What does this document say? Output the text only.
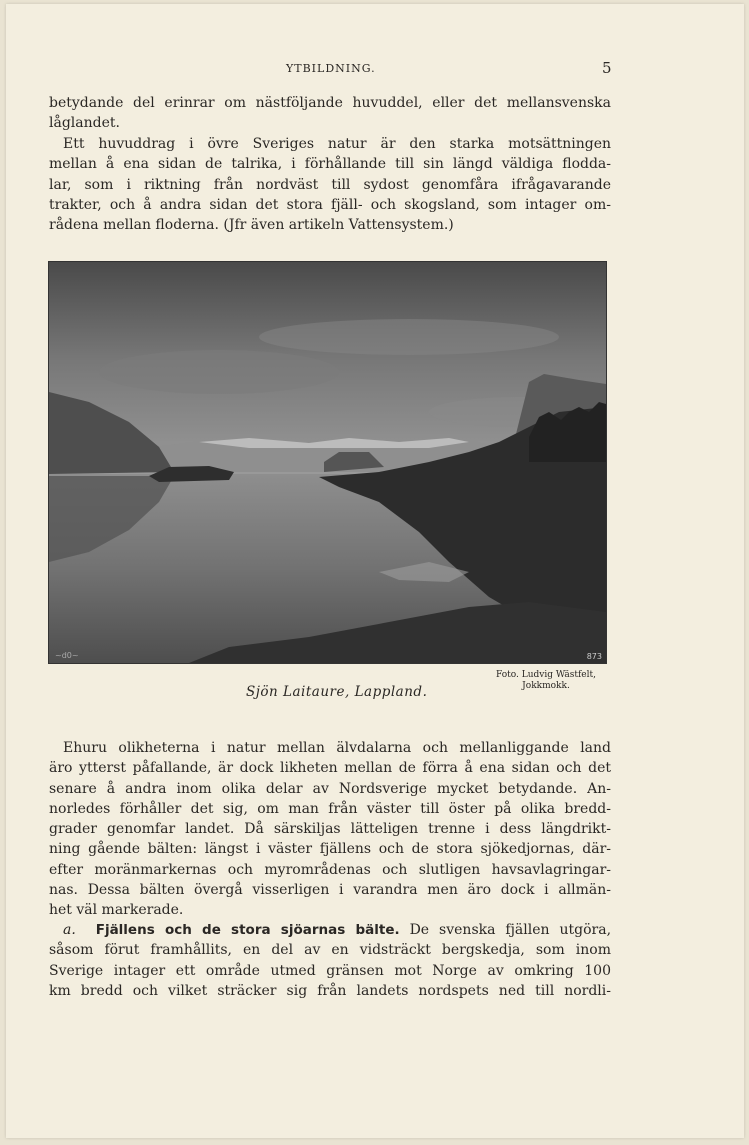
YTBILDNING.	5
betydande del erinrar om nästföljande huvuddel, eller det mellansvenska
låglandet.
Ett huvuddrag i övre Sveriges natur är den starka motsättningen
mellan å ena sidan de talrika, i förhållande till sin längd väldiga flodda-
lar, som i riktning från nordväst till sydost genomfåra ifrågavarande
trakter, och å andra sidan det stora fjäll- och skogsland, som intager om-
rådena mellan floderna. (Jfr även artikeln Vattensystem.)
~d0~	873
Sjön Laitaure, Lappland.
Foto. Ludvig Wästfelt,
Jokkmokk.
Ehuru olikheterna i natur mellan älvdalarna och mellanliggande land
äro ytterst påfallande, är dock likheten mellan de förra å ena sidan och det
senare å andra inom olika delar av Nordsverige mycket betydande. An-
norledes förhåller det sig, om man från väster till öster på olika bredd-
grader genomfar landet. Då särskiljas lätteligen trenne i dess längdrikt-
ning gående bälten: längst i väster fjällens och de stora sjökedjornas, där-
efter moränmarkernas och myrområdenas och slutligen havsavlagringar-
nas. Dessa bälten övergå visserligen i varandra men äro dock i allmän-
het väl markerade.
a. Fjällens och de stora sjöarnas bälte. De svenska fjällen utgöra,
såsom förut framhållits, en del av en vidsträckt bergskedja, som inom
Sverige intager ett område utmed gränsen mot Norge av omkring 100
km bredd och vilket sträcker sig från landets nordspets ned till nordli-
